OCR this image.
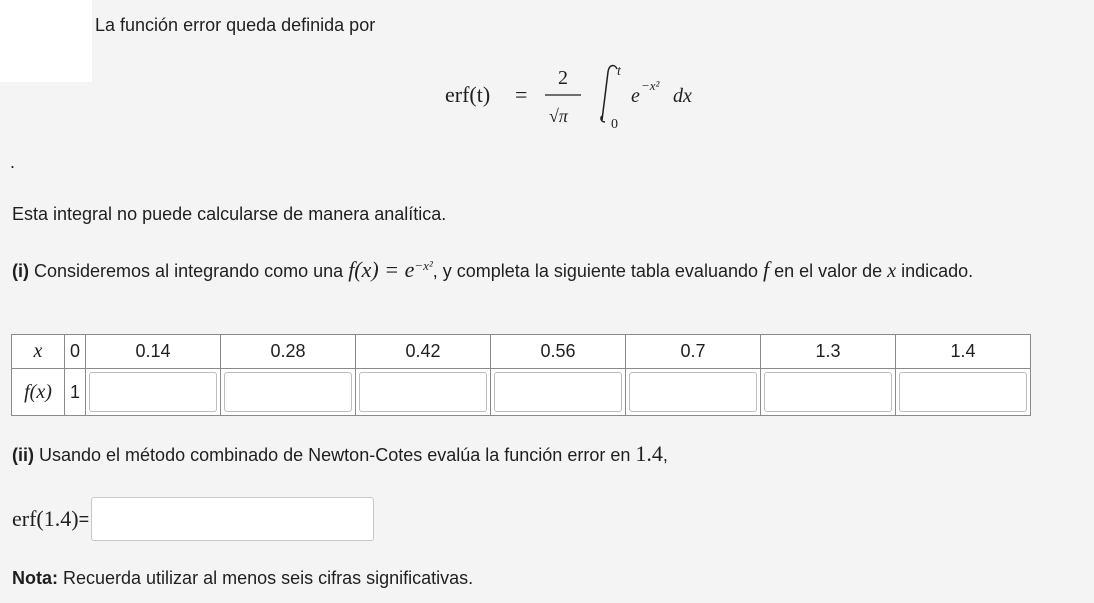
La función error queda definida por
erf(t) =
2
√π
t
0
e −x² dx
.
Esta integral no puede calcularse de manera analítica.
(i) Consideremos al integrando como una $f(x) = e^{-x^2}$, y completa la siguiente tabla evaluando f en el valor de x indicado.
x	0	0.14	0.28	0.42	0.56	0.7	1.3	1.4
f(x)	1	

(ii) Usando el método combinado de Newton-Cotes evalúa la función error en 1.4,
erf(1.4) =
Nota: Recuerda utilizar al menos seis cifras significativas.
